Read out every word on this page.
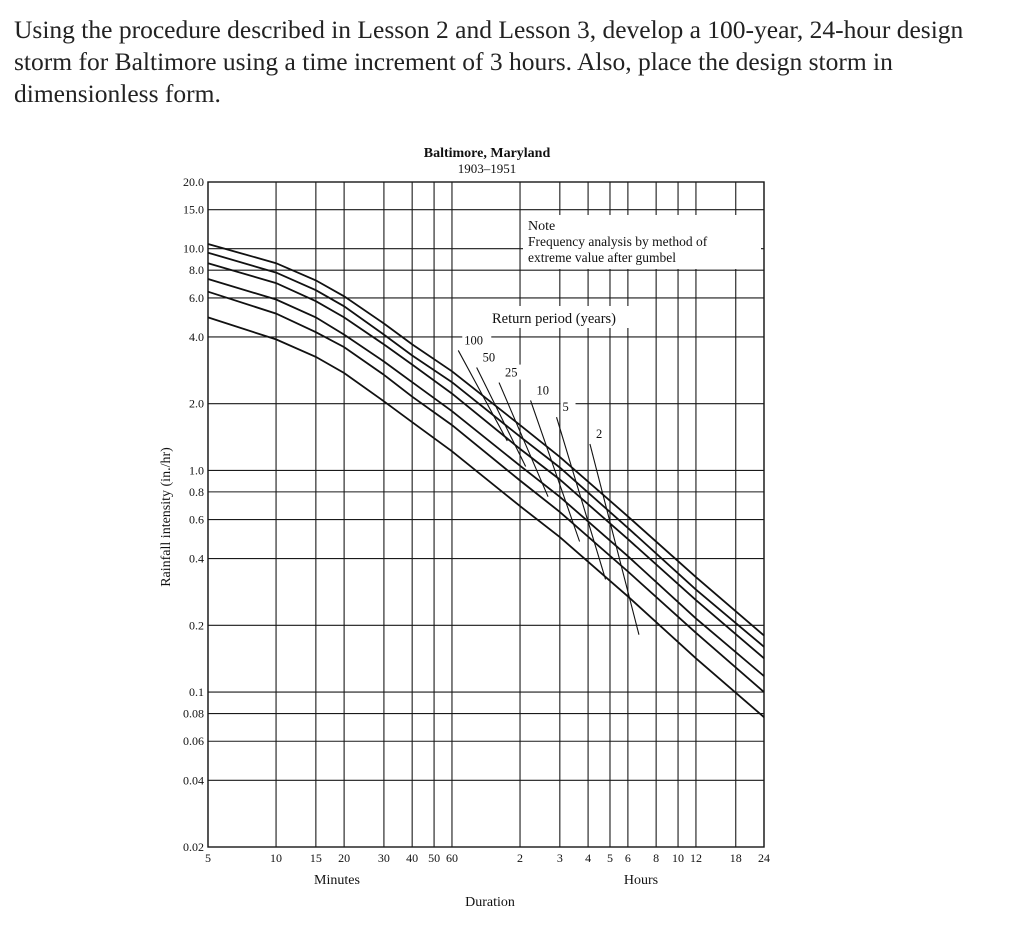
Using the procedure described in Lesson 2 and Lesson 3, develop a 100-year, 24-hour design storm for Baltimore using a time increment of 3 hours. Also, place the design storm in dimensionless form.
20.0
15.0
10.0
8.0
6.0
4.0
2.0
1.0
0.8
0.6
0.4
0.2
0.1
0.08
0.06
0.04
0.02
5	10 15 20 30 40 50 60	2	3 4 5 6 8 10 12 18 24
100
50
25
10
5
2
Note
Frequency analysis by method of
extreme value after gumbel
Return period (years)
Baltimore, Maryland
1903–1951
Rainfall intensity (in./hr)
Minutes	Hours
Duration
